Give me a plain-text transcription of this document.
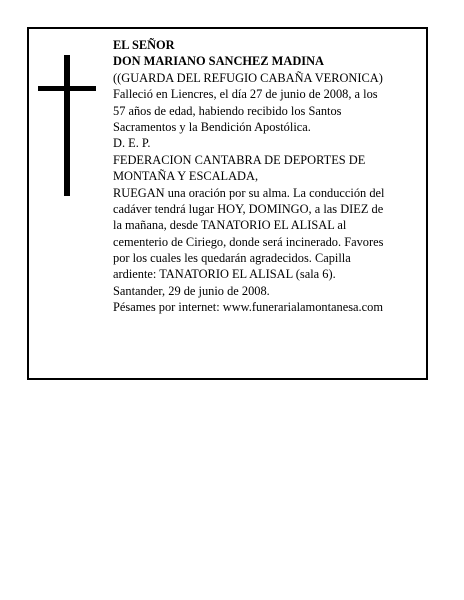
EL SEÑOR
DON MARIANO SANCHEZ MADINA
((GUARDA DEL REFUGIO CABAÑA VERONICA)
Falleció en Liencres, el día 27 de junio de 2008, a los
57 años de edad, habiendo recibido los Santos
Sacramentos y la Bendición Apostólica.
D. E. P.
FEDERACION CANTABRA DE DEPORTES DE
MONTAÑA Y ESCALADA,
RUEGAN una oración por su alma. La conducción del
cadáver tendrá lugar HOY, DOMINGO, a las DIEZ de
la mañana, desde TANATORIO EL ALISAL al
cementerio de Ciriego, donde será incinerado. Favores
por los cuales les quedarán agradecidos. Capilla
ardiente: TANATORIO EL ALISAL (sala 6).
Santander, 29 de junio de 2008.
Pésames por internet: www.funerarialamontanesa.com
